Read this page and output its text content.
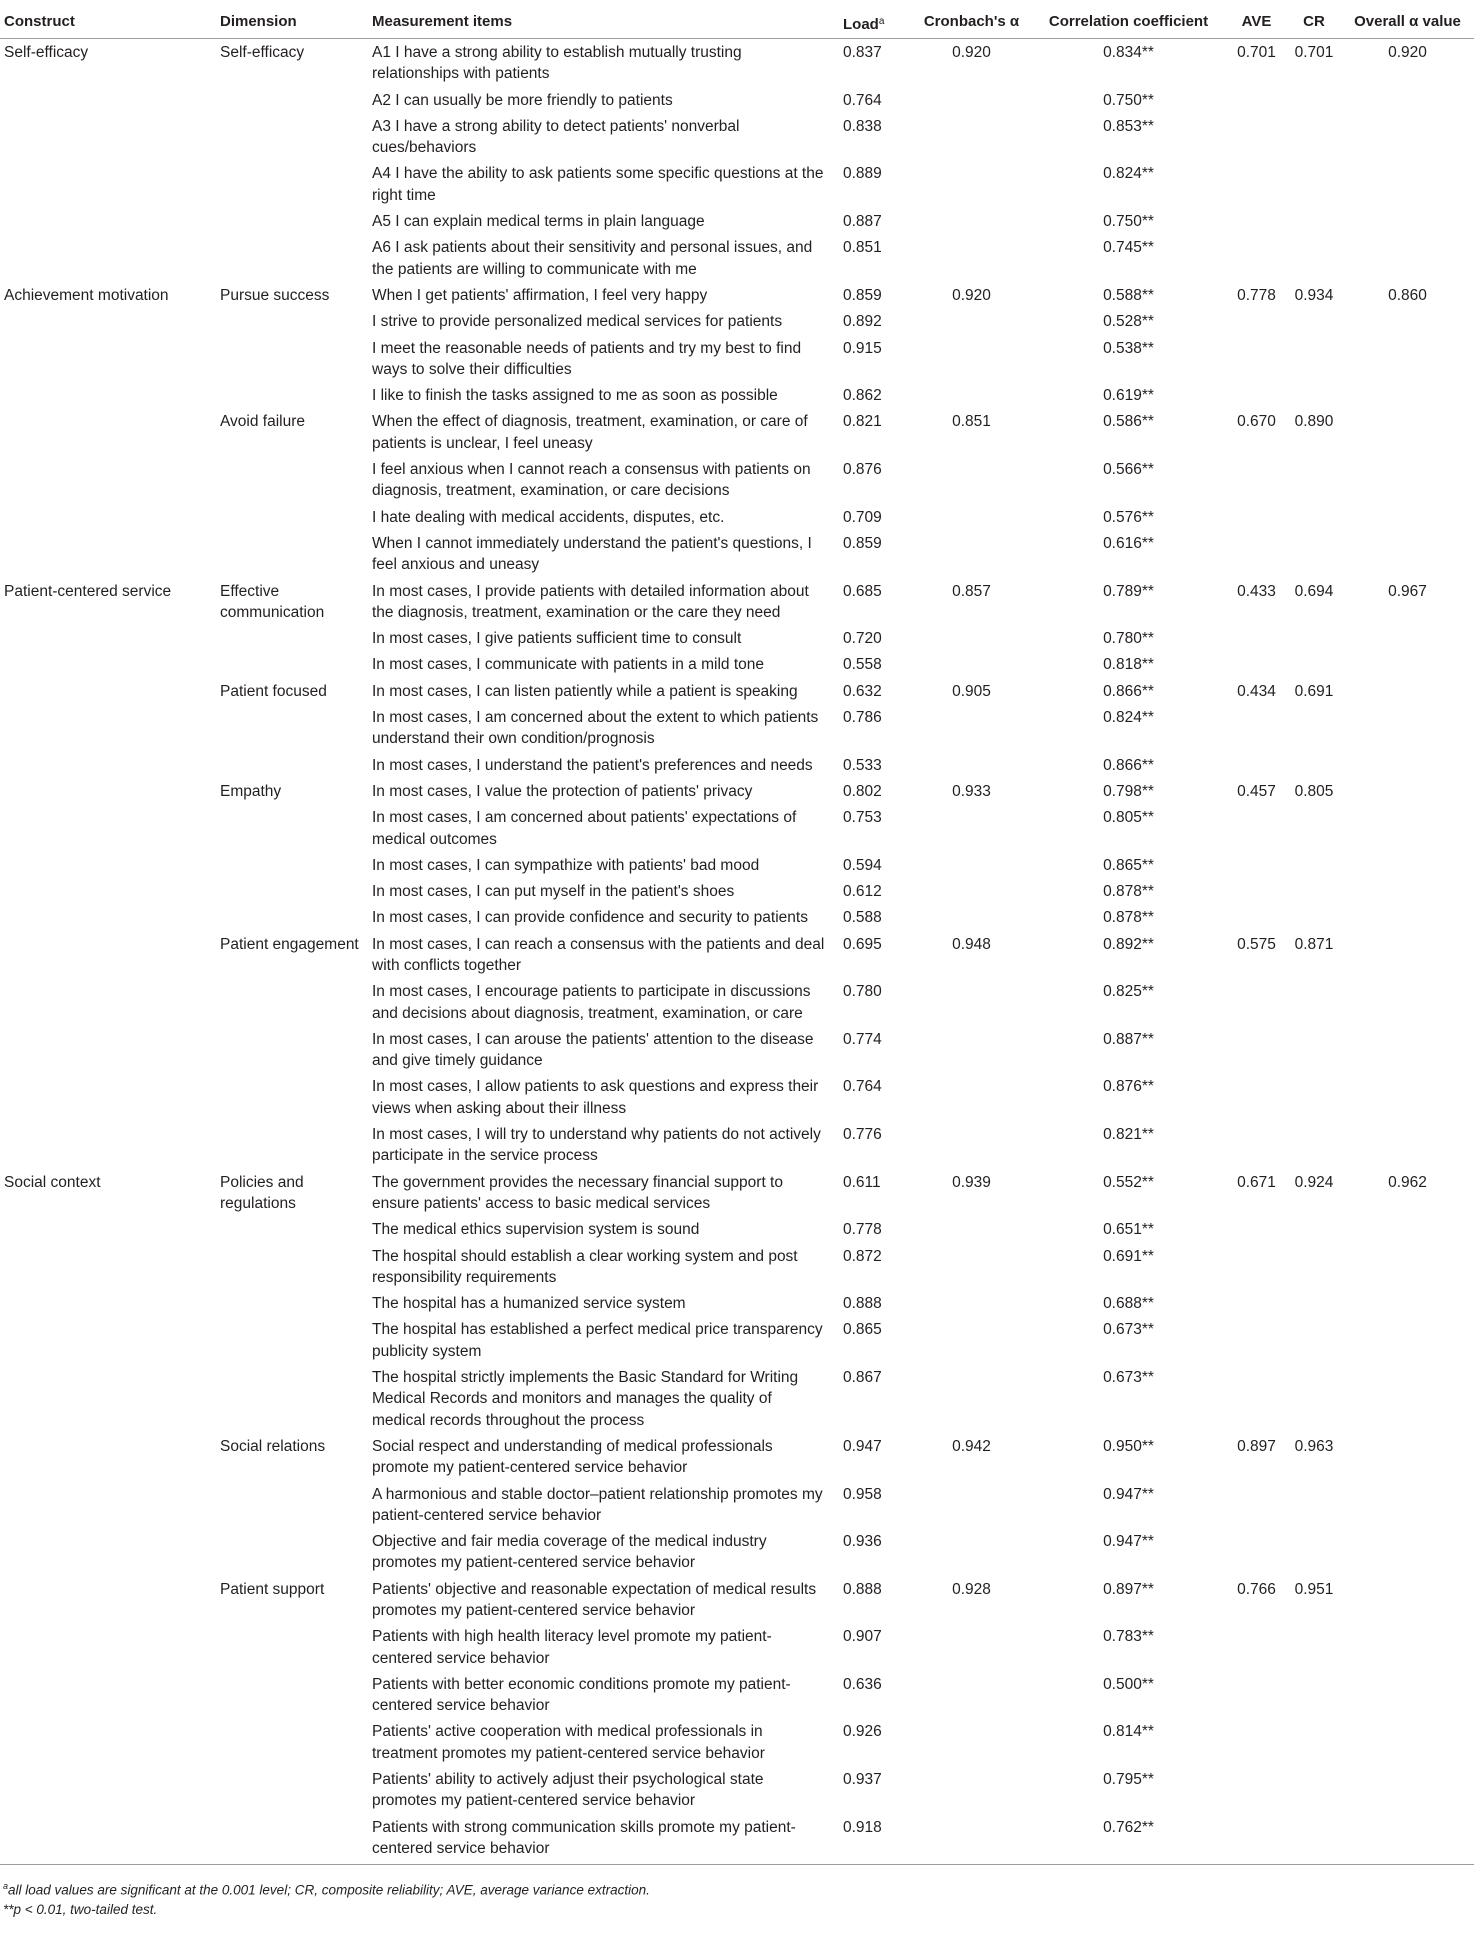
Construct	Dimension	Measurement items	Load$^a$	Cronbach's α	Correlation coefficient	AVE	CR	Overall α value
Self-efficacy	Self-efficacy	A1 I have a strong ability to establish mutually trusting relationships with patients	0.837	0.920	0.834**	0.701	0.701	0.920
		A2 I can usually be more friendly to patients	0.764		0.750**			
		A3 I have a strong ability to detect patients' nonverbal cues/behaviors	0.838		0.853**			
		A4 I have the ability to ask patients some specific questions at the right time	0.889		0.824**			
		A5 I can explain medical terms in plain language	0.887		0.750**			
		A6 I ask patients about their sensitivity and personal issues, and the patients are willing to communicate with me	0.851		0.745**			
Achievement motivation	Pursue success	When I get patients' affirmation, I feel very happy	0.859	0.920	0.588**	0.778	0.934	0.860
		I strive to provide personalized medical services for patients	0.892		0.528**			
		I meet the reasonable needs of patients and try my best to find ways to solve their difficulties	0.915		0.538**			
		I like to finish the tasks assigned to me as soon as possible	0.862		0.619**			
	Avoid failure	When the effect of diagnosis, treatment, examination, or care of patients is unclear, I feel uneasy	0.821	0.851	0.586**	0.670	0.890	
		I feel anxious when I cannot reach a consensus with patients on diagnosis, treatment, examination, or care decisions	0.876		0.566**			
		I hate dealing with medical accidents, disputes, etc.	0.709		0.576**			
		When I cannot immediately understand the patient's questions, I feel anxious and uneasy	0.859		0.616**			
Patient-centered service	Effective communication	In most cases, I provide patients with detailed information about the diagnosis, treatment, examination or the care they need	0.685	0.857	0.789**	0.433	0.694	0.967
		In most cases, I give patients sufficient time to consult	0.720		0.780**			
		In most cases, I communicate with patients in a mild tone	0.558		0.818**			
	Patient focused	In most cases, I can listen patiently while a patient is speaking	0.632	0.905	0.866**	0.434	0.691	
		In most cases, I am concerned about the extent to which patients understand their own condition/prognosis	0.786		0.824**			
		In most cases, I understand the patient's preferences and needs	0.533		0.866**			
	Empathy	In most cases, I value the protection of patients' privacy	0.802	0.933	0.798**	0.457	0.805	
		In most cases, I am concerned about patients' expectations of medical outcomes	0.753		0.805**			
		In most cases, I can sympathize with patients' bad mood	0.594		0.865**			
		In most cases, I can put myself in the patient's shoes	0.612		0.878**			
		In most cases, I can provide confidence and security to patients	0.588		0.878**			
	Patient engagement	In most cases, I can reach a consensus with the patients and deal with conflicts together	0.695	0.948	0.892**	0.575	0.871	
		In most cases, I encourage patients to participate in discussions and decisions about diagnosis, treatment, examination, or care	0.780		0.825**			
		In most cases, I can arouse the patients' attention to the disease and give timely guidance	0.774		0.887**			
		In most cases, I allow patients to ask questions and express their views when asking about their illness	0.764		0.876**			
		In most cases, I will try to understand why patients do not actively participate in the service process	0.776		0.821**			
Social context	Policies and regulations	The government provides the necessary financial support to ensure patients' access to basic medical services	0.611	0.939	0.552**	0.671	0.924	0.962
		The medical ethics supervision system is sound	0.778		0.651**			
		The hospital should establish a clear working system and post responsibility requirements	0.872		0.691**			
		The hospital has a humanized service system	0.888		0.688**			
		The hospital has established a perfect medical price transparency publicity system	0.865		0.673**			
		The hospital strictly implements the Basic Standard for Writing Medical Records and monitors and manages the quality of medical records throughout the process	0.867		0.673**			
	Social relations	Social respect and understanding of medical professionals promote my patient-centered service behavior	0.947	0.942	0.950**	0.897	0.963	
		A harmonious and stable doctor–patient relationship promotes my patient-centered service behavior	0.958		0.947**			
		Objective and fair media coverage of the medical industry promotes my patient-centered service behavior	0.936		0.947**			
	Patient support	Patients' objective and reasonable expectation of medical results promotes my patient-centered service behavior	0.888	0.928	0.897**	0.766	0.951	
		Patients with high health literacy level promote my patient-centered service behavior	0.907		0.783**			
		Patients with better economic conditions promote my patient-centered service behavior	0.636		0.500**			
		Patients' active cooperation with medical professionals in treatment promotes my patient-centered service behavior	0.926		0.814**			
		Patients' ability to actively adjust their psychological state promotes my patient-centered service behavior	0.937		0.795**			
		Patients with strong communication skills promote my patient-centered service behavior	0.918		0.762**			
$^a$all load values are significant at the 0.001 level; CR, composite reliability; AVE, average variance extraction.
**p < 0.01, two-tailed test.
